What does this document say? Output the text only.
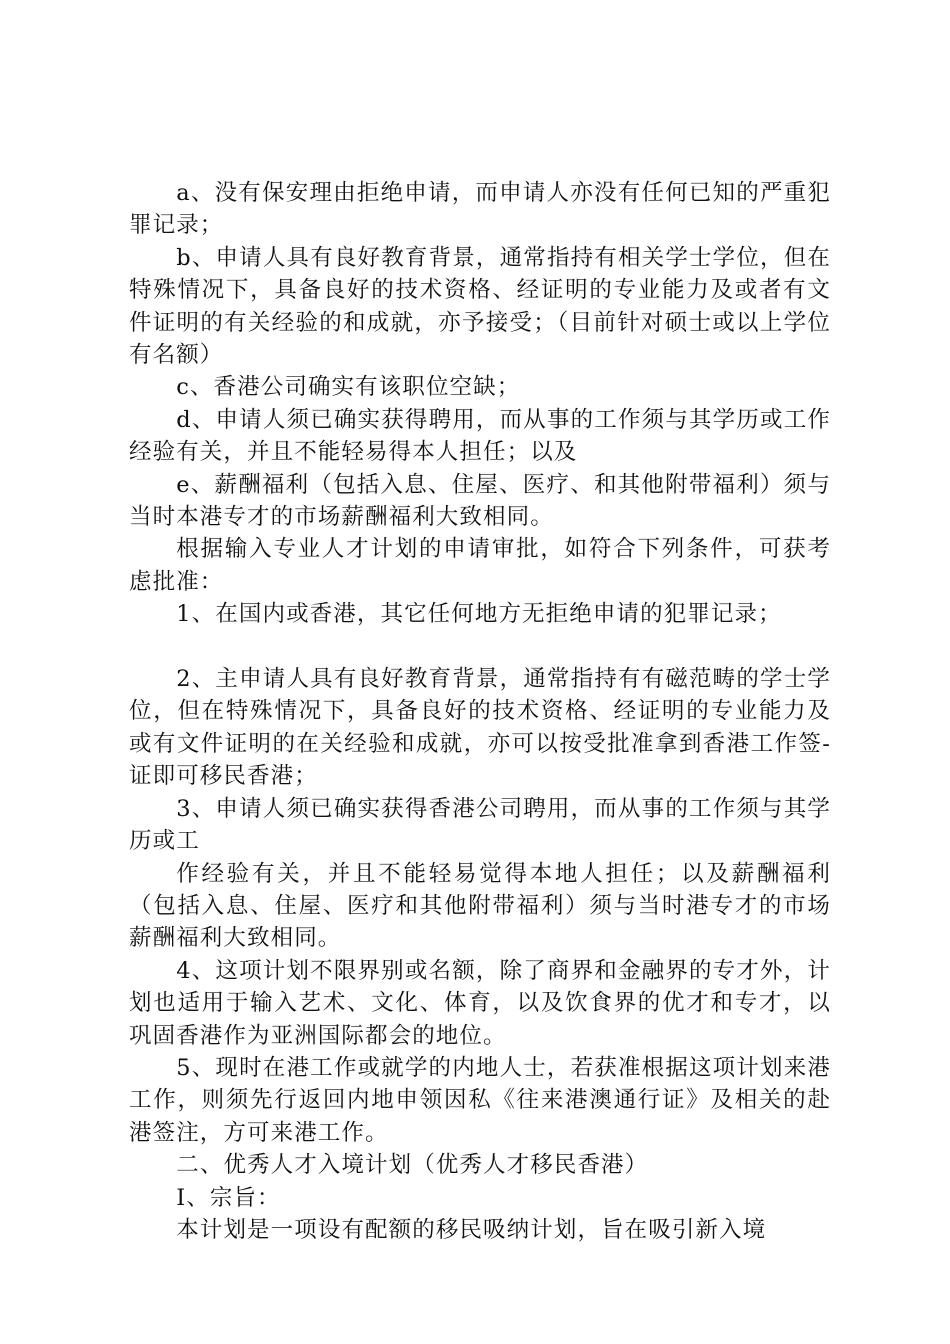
a、没有保安理由拒绝申请，而申请人亦没有任何已知的严重犯罪记录；

b、申请人具有良好教育背景，通常指持有相关学士学位，但在特殊情况下，具备良好的技术资格、经证明的专业能力及或者有文件证明的有关经验的和成就，亦予接受；（目前针对硕士或以上学位有名额）

c、香港公司确实有该职位空缺；

d、申请人须已确实获得聘用，而从事的工作须与其学历或工作经验有关，并且不能轻易得本人担任；以及

e、薪酬福利（包括入息、住屋、医疗、和其他附带福利）须与当时本港专才的市场薪酬福利大致相同。

根据输入专业人才计划的申请审批，如符合下列条件，可获考虑批准：

1、在国内或香港，其它任何地方无拒绝申请的犯罪记录；

2、主申请人具有良好教育背景，通常指持有有磁范畴的学士学位，但在特殊情况下，具备良好的技术资格、经证明的专业能力及或有文件证明的在关经验和成就，亦可以按受批准拿到香港工作签-证即可移民香港；

3、申请人须已确实获得香港公司聘用，而从事的工作须与其学历或工

作经验有关，并且不能轻易觉得本地人担任；以及薪酬福利（包括入息、住屋、医疗和其他附带福利）须与当时港专才的市场薪酬福利大致相同。

4、这项计划不限界别或名额，除了商界和金融界的专才外，计划也适用于输入艺术、文化、体育，以及饮食界的优才和专才，以巩固香港作为亚洲国际都会的地位。

5、现时在港工作或就学的内地人士，若获准根据这项计划来港工作，则须先行返回内地申领因私《往来港澳通行证》及相关的赴港签注，方可来港工作。

二、优秀人才入境计划（优秀人才移民香港）

Ⅰ、宗旨：

本计划是一项设有配额的移民吸纳计划，旨在吸引新入境
